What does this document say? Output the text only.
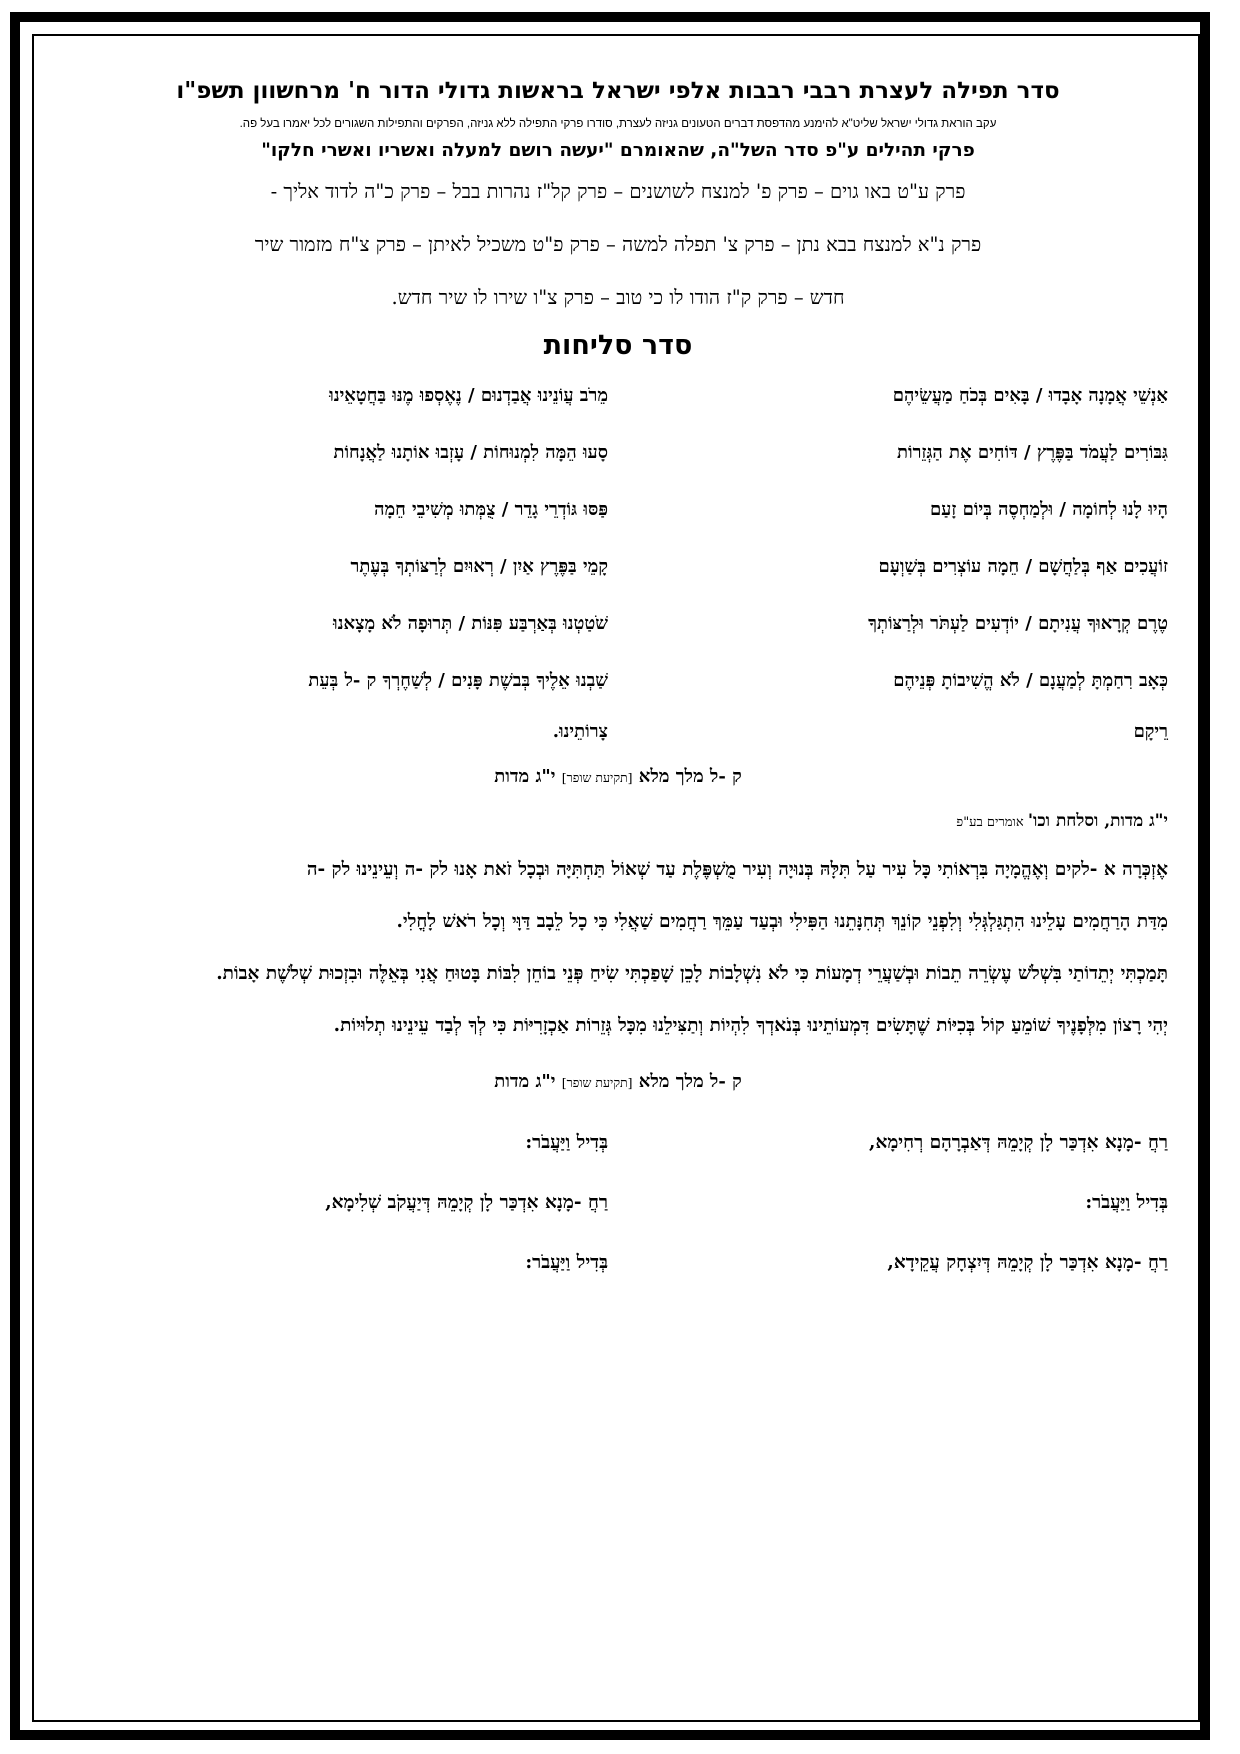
סדר תפילה לעצרת רבבי רבבות אלפי ישראל בראשות גדולי הדור ח' מרחשוון תשפ"ו
עקב הוראת גדולי ישראל שליט"א להימנע מהדפסת דברים הטעונים גניזה לעצרת, סודרו פרקי התפילה ללא גניזה, הפרקים והתפילות השגורים לכל יאמרו בעל פה.
פרקי תהילים ע"פ סדר השל"ה, שהאומרם "יעשה רושם למעלה ואשריו ואשרי חלקו"
פרק ע"ט באו גוים – פרק פ' למנצח לשושנים – פרק קל"ז נהרות בבל – פרק כ"ה לדוד אליך -
פרק נ"א למנצח בבא נתן – פרק צ' תפלה למשה – פרק פ"ט משכיל לאיתן – פרק צ"ח מזמור שיר
חדש – פרק ק"ז הודו לו כי טוב – פרק צ"ו שירו לו שיר חדש.
סדר סליחות
אַנְשֵׁי אֲמָנָה אָבָדוּ / בָּאִים בְּכֹחַ מַעֲשֵׂיהֶם
מֵרֹב עֲוֹנֵינוּ אֲבַדְנוּם / נֶאֶסְפוּ מֶנּוּ בַּחֲטָאֵינוּ
גִּבּוֹרִים לַעֲמֹד בַּפֶּרֶץ / דּוֹחִים אֶת הַגְּזֵרוֹת
סָעוּ הֵמָּה לִמְנוּחוֹת / עָזְבוּ אוֹתָנוּ לַאֲנָחוֹת
הָיוּ לָנוּ לְחוֹמָה / וּלְמַחְסֶה בְּיוֹם זָעַם
פַּסּוּ גּוֹדְרֵי גָדֵר / צֻמְּתוּ מְשִׁיבֵי חֵמָה
זוֹעֲכִים אַף בְּלַחֲשָׁם / חֵמָה עוֹצְרִים בְּשַׁוְעָם
קָמֵי בַּפֶּרֶץ אַיִן / רְאוּיִם לְרַצּוֹתְךָ בְּעֶתֶר
טֶרֶם קְרָאוּךָ עֲנִיתָם / יוֹדְעִים לַעְתֹּר וּלְרַצּוֹתְךָ
שֹׁטַטְנוּ בְּאַרְבַּע פִּנּוֹת / תְּרוּפָה לֹא מָצָאנוּ
כְּאָב רִחַמְתָּ לְמַעֲנָם / לֹא הֱשִׁיבוֹתָ פְּנֵיהֶם
שַׁבְנוּ אֵלֶיךָ בְּבשֶׁת פָּנִים / לְשַׁחֶרְךָ ק -ל בְּעֵת
רֵיקָם
צָרוֹתֵינוּ.
ק -ל מלך מלא [תקיעת שופר] י"ג מדות
י"ג מדות, וסלחת וכו' אומרים בע"פ

אֶזְכְּרָה א -לקים וְאֶהֱמָיָה בִּרְאוֹתִי כָּל עִיר עַל תִּלָּהּ בְּנוּיָה וְעִיר מֻשְׁפֶּלֶת עַד שְׁאוֹל תַּחְתִּיָּה וּבְכָל זֹאת אָנוּ לק -ה וְעֵינֵינוּ לק -ה

מִדַּת הָרַחֲמִים עָלֵינוּ הִתְגַּלְגְּלִי וְלִפְנֵי קוֹנֵךְ תְּחִנָּתֵנוּ הַפִּילִי וּבְעַד עַמֵּךְ רַחֲמִים שַׁאֲלִי כִּי כָל לֵבָב דַּוָּי וְכָל רֹאשׁ לָחֳלִי.

תָּמַכְתִּי יְתֵדוֹתַי בִּשְׁלֹשׁ עֶשְׂרֵה תֵבוֹת וּבְשַׁעֲרֵי דְמָעוֹת כִּי לֹא נִשְׁלָבוֹת לָכֵן שָׁפַכְתִּי שִׂיחַ פְּנֵי בוֹחֵן לִבּוֹת בָּטוּחַ אֲנִי בְּאֵלֶּה וּבִזְכוּת שְׁלֹשֶׁת אָבוֹת.

יְהִי רָצוֹן מִלְּפָנֶיךָ שׁוֹמֵעַ קוֹל בְּכִיּוֹת שֶׁתָּשִׂים דִּמְעוֹתֵינוּ בְּנֹאדְךָ לִהְיוֹת וְתַצִּילֵנוּ מִכָּל גְּזֵרוֹת אַכְזָרִיּוֹת כִּי לְךָ לְבַד עֵינֵינוּ תְלוּיוֹת.

ק -ל מלך מלא [תקיעת שופר] י"ג מדות
רַחֲ -מָנָא אִדְכַּר לָן קְיָמֵהּ דְּאַבְרָהָם רְחִימָא,
בְּדִיל וַיַּעֲבֹר:
בְּדִיל וַיַּעֲבֹר:
רַחֲ -מָנָא אִדְכַּר לָן קְיָמֵהּ דְּיַעֲקֹב שְׁלִימָא,
רַחֲ -מָנָא אִדְכַּר לָן קְיָמֵהּ דְּיִצְחָק עֲקֵידָא,
בְּדִיל וַיַּעֲבֹר:
